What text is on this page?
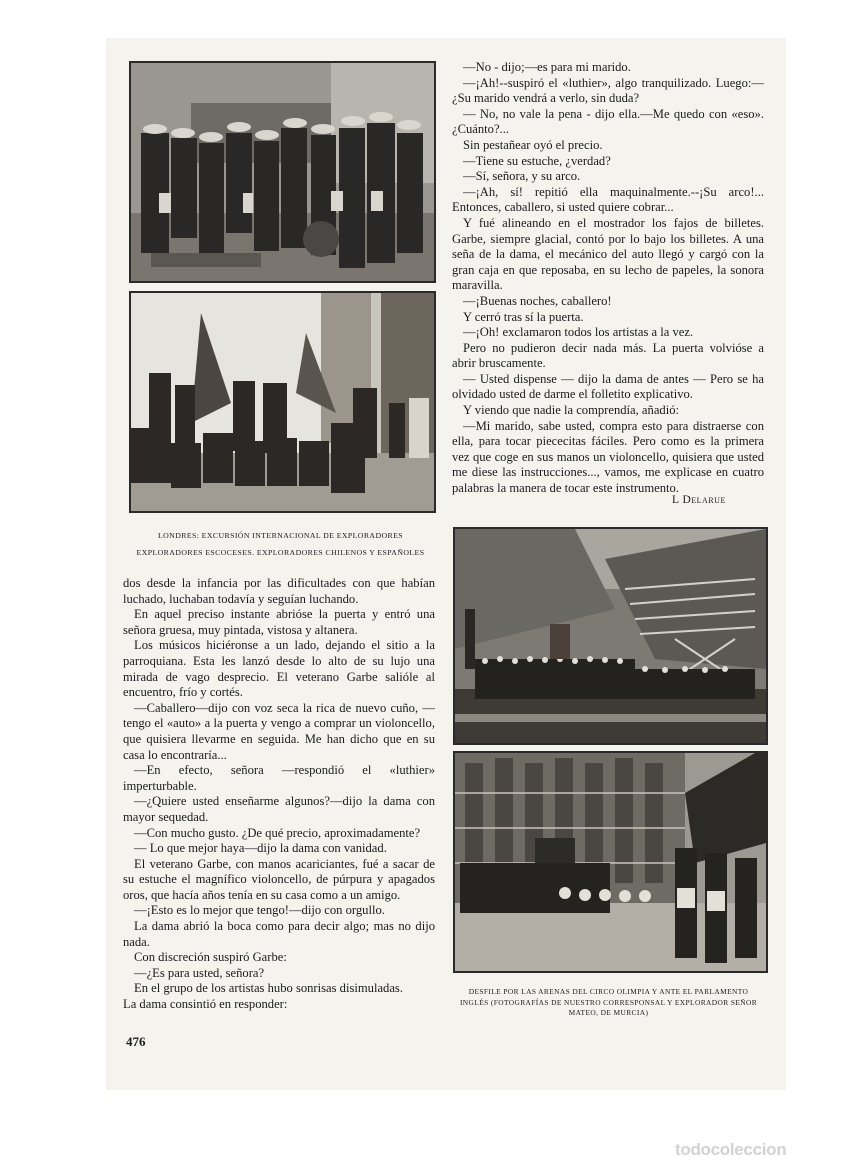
—No - dijo;—es para mi marido.

—¡Ah!--suspiró el «luthier», algo tranquilizado. Luego:—¿Su marido vendrá a verlo, sin duda?

— No, no vale la pena - dijo ella.—Me quedo con «eso». ¿Cuánto?...

Sin pestañear oyó el precio.

—Tiene su estuche, ¿verdad?

—Sí, señora, y su arco.

—¡Ah, sí! repitió ella maquinalmente.--¡Su arco!... Entonces, caballero, si usted quiere cobrar...

Y fué alineando en el mostrador los fajos de billetes. Garbe, siempre glacial, contó por lo bajo los billetes. A una seña de la dama, el mecánico del auto llegó y cargó con la gran caja en que reposaba, en su lecho de papeles, la sonora maravilla.

—¡Buenas noches, caballero!

Y cerró tras sí la puerta.

—¡Oh! exclamaron todos los artistas a la vez.

Pero no pudieron decir nada más. La puerta volvióse a abrir bruscamente.

— Usted dispense — dijo la dama de antes — Pero se ha olvidado usted de darme el folletito explicativo.

Y viendo que nadie la comprendía, añadió:

—Mi marido, sabe usted, compra esto para distraerse con ella, para tocar piececitas fáciles. Pero como es la primera vez que coge en sus manos un violoncello, quisiera que usted me diese las instrucciones..., vamos, me explicase en cuatro palabras la manera de tocar este instrumento.

L Delarue
LONDRES: EXCURSIÓN INTERNACIONAL DE EXPLORADORES
EXPLORADORES ESCOCESES. EXPLORADORES CHILENOS Y ESPAÑOLES

dos desde la infancia por las dificultades con que habían luchado, luchaban todavía y seguían luchando.

En aquel preciso instante abrióse la puerta y entró una señora gruesa, muy pintada, vistosa y altanera.

Los músicos hiciéronse a un lado, dejando el sitio a la parroquiana. Esta les lanzó desde lo alto de su lujo una mirada de vago desprecio. El veterano Garbe salióle al encuentro, frío y cortés.

—Caballero—dijo con voz seca la rica de nuevo cuño, —tengo el «auto» a la puerta y vengo a comprar un violoncello, que quisiera llevarme en seguida. Me han dicho que en su casa lo encontraría...

—En efecto, señora —respondió el «luthier» imperturbable.

—¿Quiere usted enseñarme algunos?—dijo la dama con mayor sequedad.

—Con mucho gusto. ¿De qué precio, aproximadamente?

— Lo que mejor haya—dijo la dama con vanidad.

El veterano Garbe, con manos acariciantes, fué a sacar de su estuche el magnífico violoncello, de púrpura y apagados oros, que hacía años tenía en su casa como a un amigo.

—¡Esto es lo mejor que tengo!—dijo con orgullo.

La dama abrió la boca como para decir algo; mas no dijo nada.

Con discreción suspiró Garbe:

—¿Es para usted, señora?

En el grupo de los artistas hubo sonrisas disimuladas.

La dama consintió en responder:

DESFILE POR LAS ARENAS DEL CIRCO OLIMPIA Y ANTE EL PARLAMENTO
INGLÉS (FOTOGRAFÍAS DE NUESTRO CORRESPONSAL Y EXPLORADOR SEÑOR
MATEO, DE MURCIA)
476
todocoleccion
